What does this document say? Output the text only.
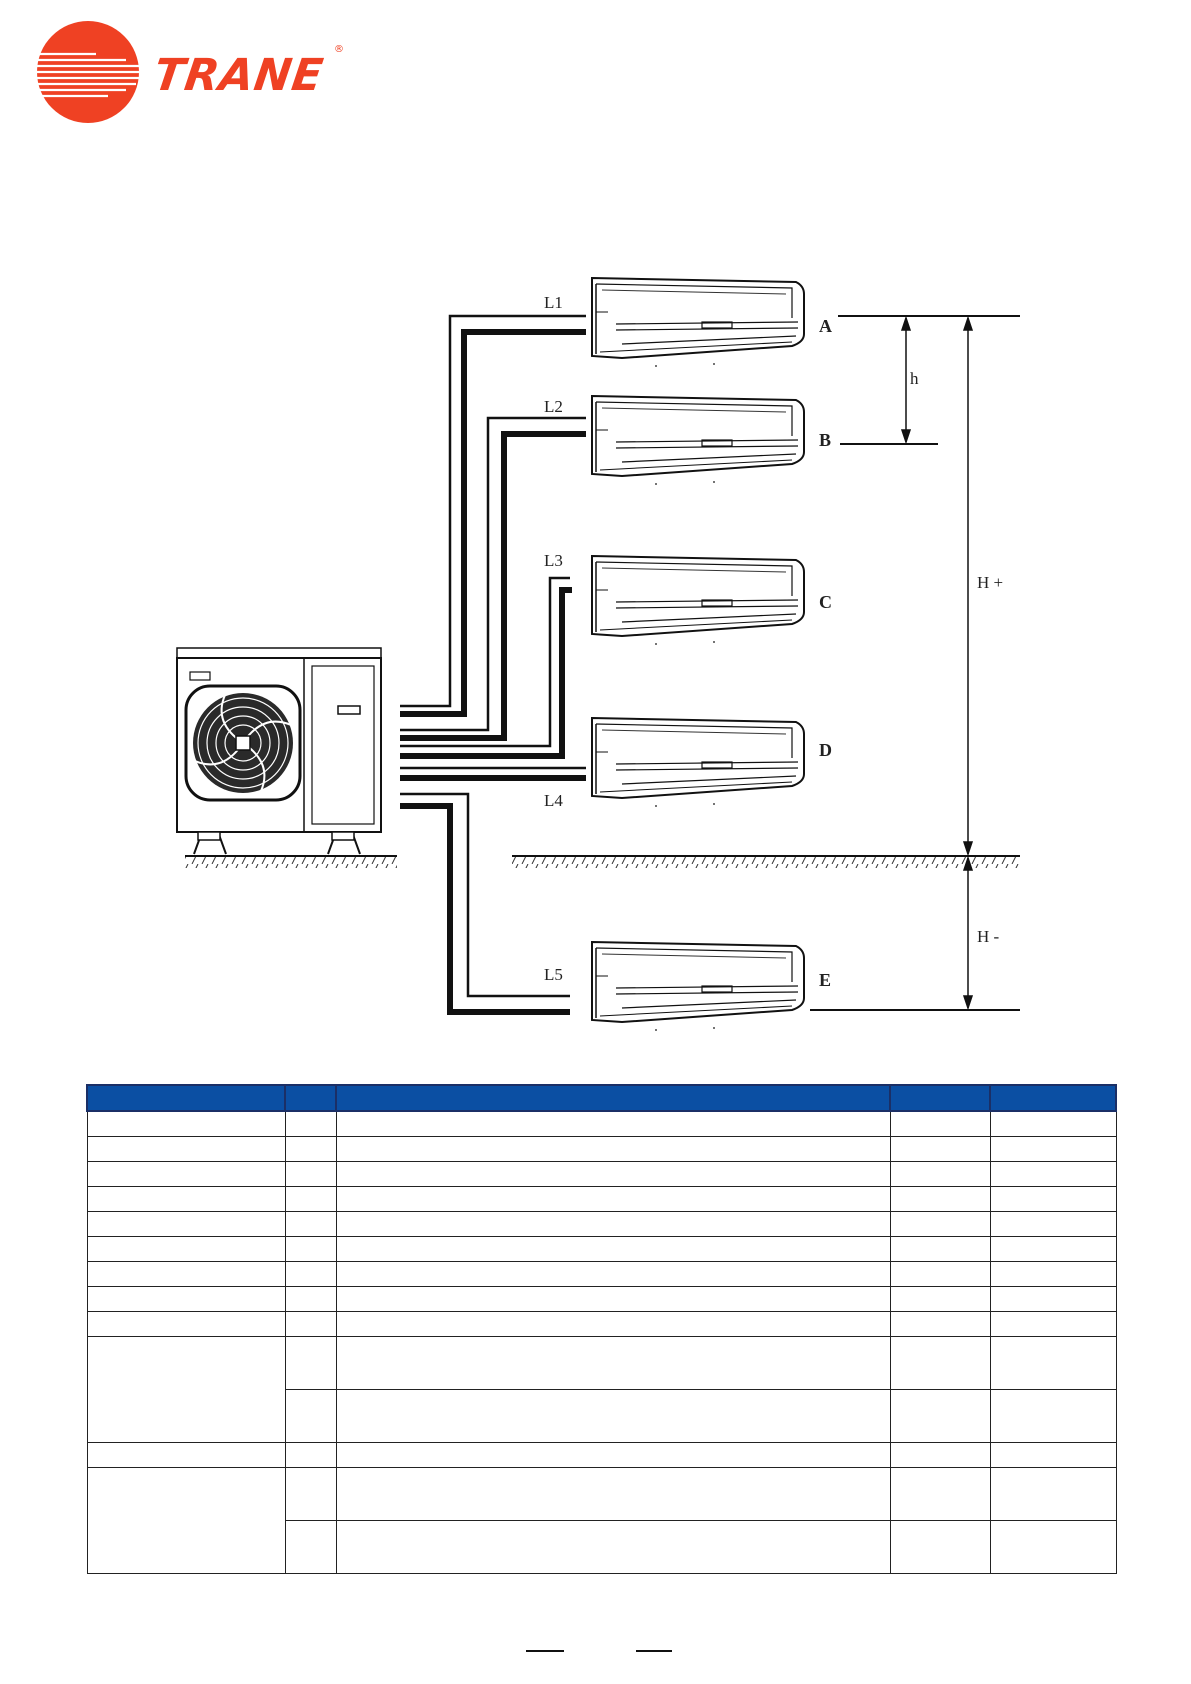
TRANE
®
L1
L2
L3
L4
L5
A
B
C
D
E
h
H +
H -
